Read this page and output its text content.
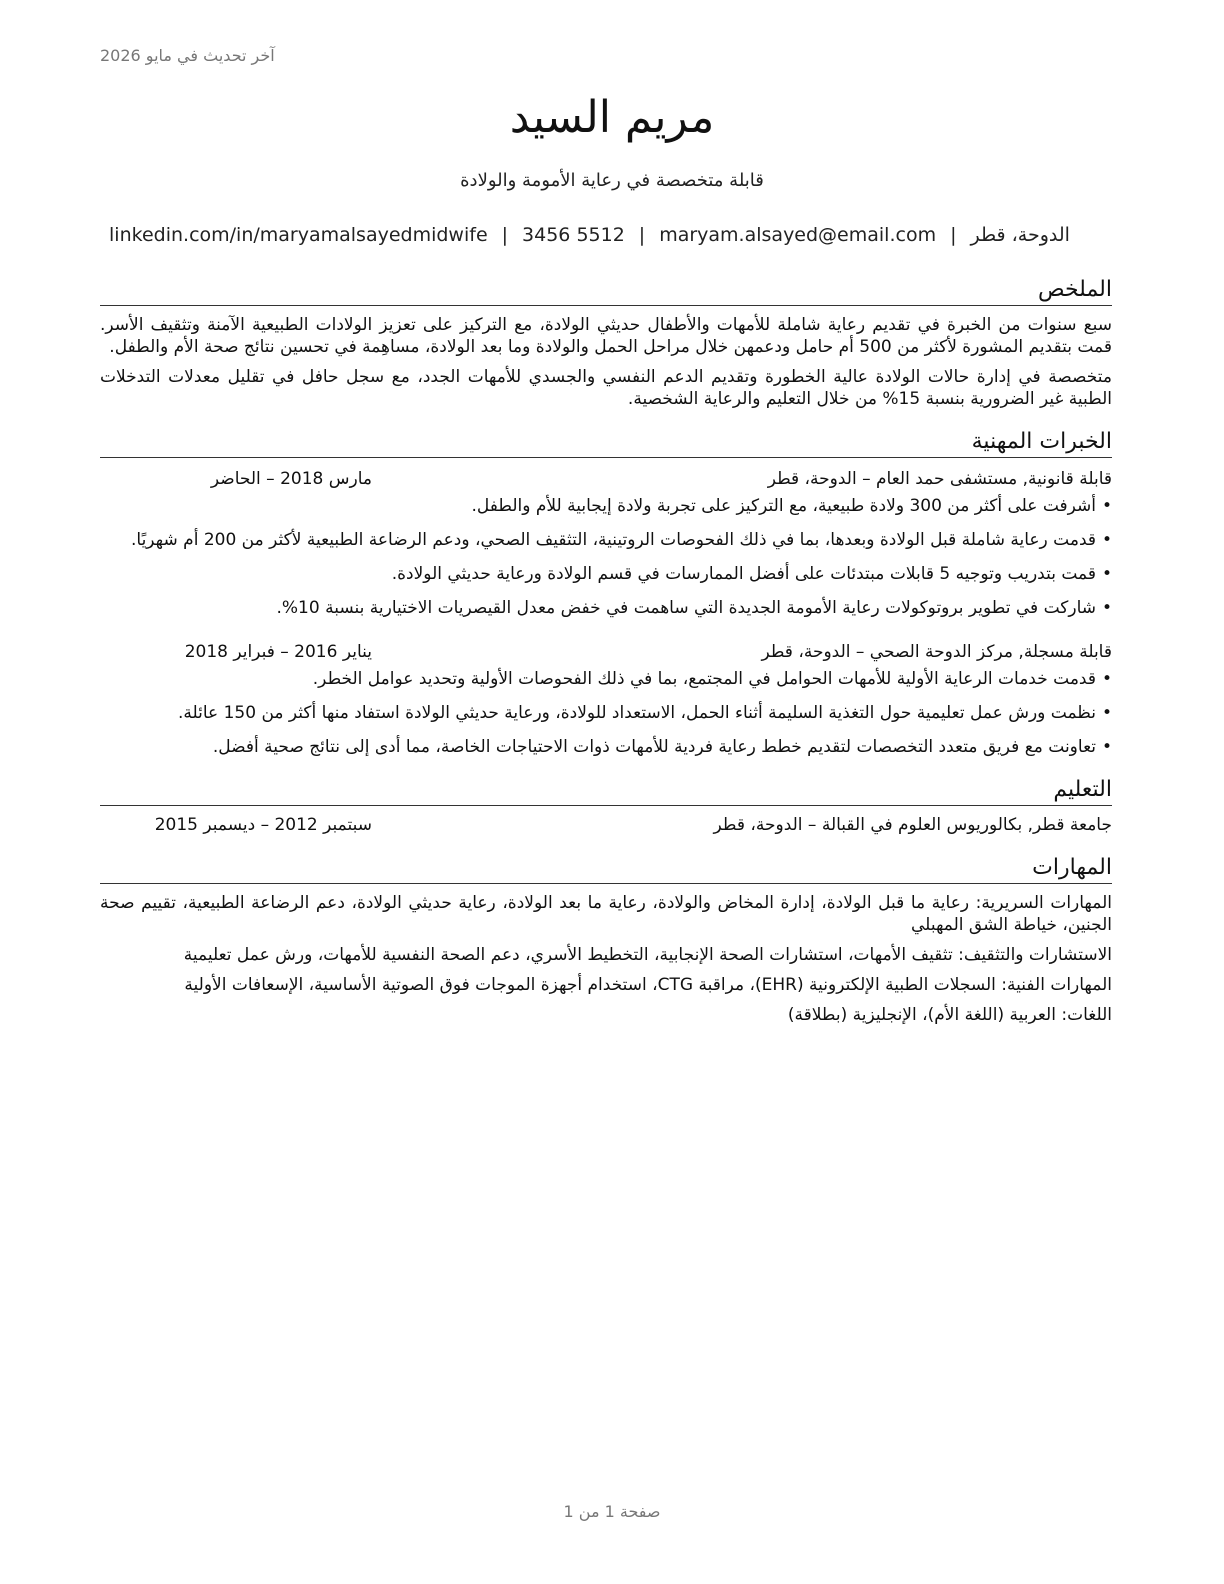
آخر تحديث في مايو 2026
مريم السيد
قابلة متخصصة في رعاية الأمومة والولادة
الدوحة، قطر|maryam.alsayed@email.com|3456 5512|linkedin.com/in/maryamalsayedmidwife
الملخص

سبع سنوات من الخبرة في تقديم رعاية شاملة للأمهات والأطفال حديثي الولادة، مع التركيز على تعزيز الولادات الطبيعية الآمنة وتثقيف الأسر. قمت بتقديم المشورة لأكثر من 500 أم حامل ودعمهن خلال مراحل الحمل والولادة وما بعد الولادة، مساهِمة في تحسين نتائج صحة الأم والطفل.

متخصصة في إدارة حالات الولادة عالية الخطورة وتقديم الدعم النفسي والجسدي للأمهات الجدد، مع سجل حافل في تقليل معدلات التدخلات الطبية غير الضرورية بنسبة 15% من خلال التعليم والرعاية الشخصية.

الخبرات المهنية
قابلة قانونية, مستشفى حمد العام – الدوحة، قطر
مارس 2018 – الحاضر
• أشرفت على أكثر من 300 ولادة طبيعية، مع التركيز على تجربة ولادة إيجابية للأم والطفل.
• قدمت رعاية شاملة قبل الولادة وبعدها، بما في ذلك الفحوصات الروتينية، التثقيف الصحي، ودعم الرضاعة الطبيعية لأكثر من 200 أم شهريًا.
• قمت بتدريب وتوجيه 5 قابلات مبتدئات على أفضل الممارسات في قسم الولادة ورعاية حديثي الولادة.
• شاركت في تطوير بروتوكولات رعاية الأمومة الجديدة التي ساهمت في خفض معدل القيصريات الاختيارية بنسبة 10%.
قابلة مسجلة, مركز الدوحة الصحي – الدوحة، قطر
يناير 2016 – فبراير 2018
• قدمت خدمات الرعاية الأولية للأمهات الحوامل في المجتمع، بما في ذلك الفحوصات الأولية وتحديد عوامل الخطر.
• نظمت ورش عمل تعليمية حول التغذية السليمة أثناء الحمل، الاستعداد للولادة، ورعاية حديثي الولادة استفاد منها أكثر من 150 عائلة.
• تعاونت مع فريق متعدد التخصصات لتقديم خطط رعاية فردية للأمهات ذوات الاحتياجات الخاصة، مما أدى إلى نتائج صحية أفضل.
التعليم
جامعة قطر, بكالوريوس العلوم في القبالة – الدوحة، قطر
سبتمبر 2012 – ديسمبر 2015
المهارات

المهارات السريرية: رعاية ما قبل الولادة، إدارة المخاض والولادة، رعاية ما بعد الولادة، رعاية حديثي الولادة، دعم الرضاعة الطبيعية، تقييم صحة الجنين، خياطة الشق المهبلي

الاستشارات والتثقيف: تثقيف الأمهات، استشارات الصحة الإنجابية، التخطيط الأسري، دعم الصحة النفسية للأمهات، ورش عمل تعليمية

المهارات الفنية: السجلات الطبية الإلكترونية (EHR)، مراقبة CTG، استخدام أجهزة الموجات فوق الصوتية الأساسية، الإسعافات الأولية

اللغات: العربية (اللغة الأم)، الإنجليزية (بطلاقة)

صفحة 1 من 1
